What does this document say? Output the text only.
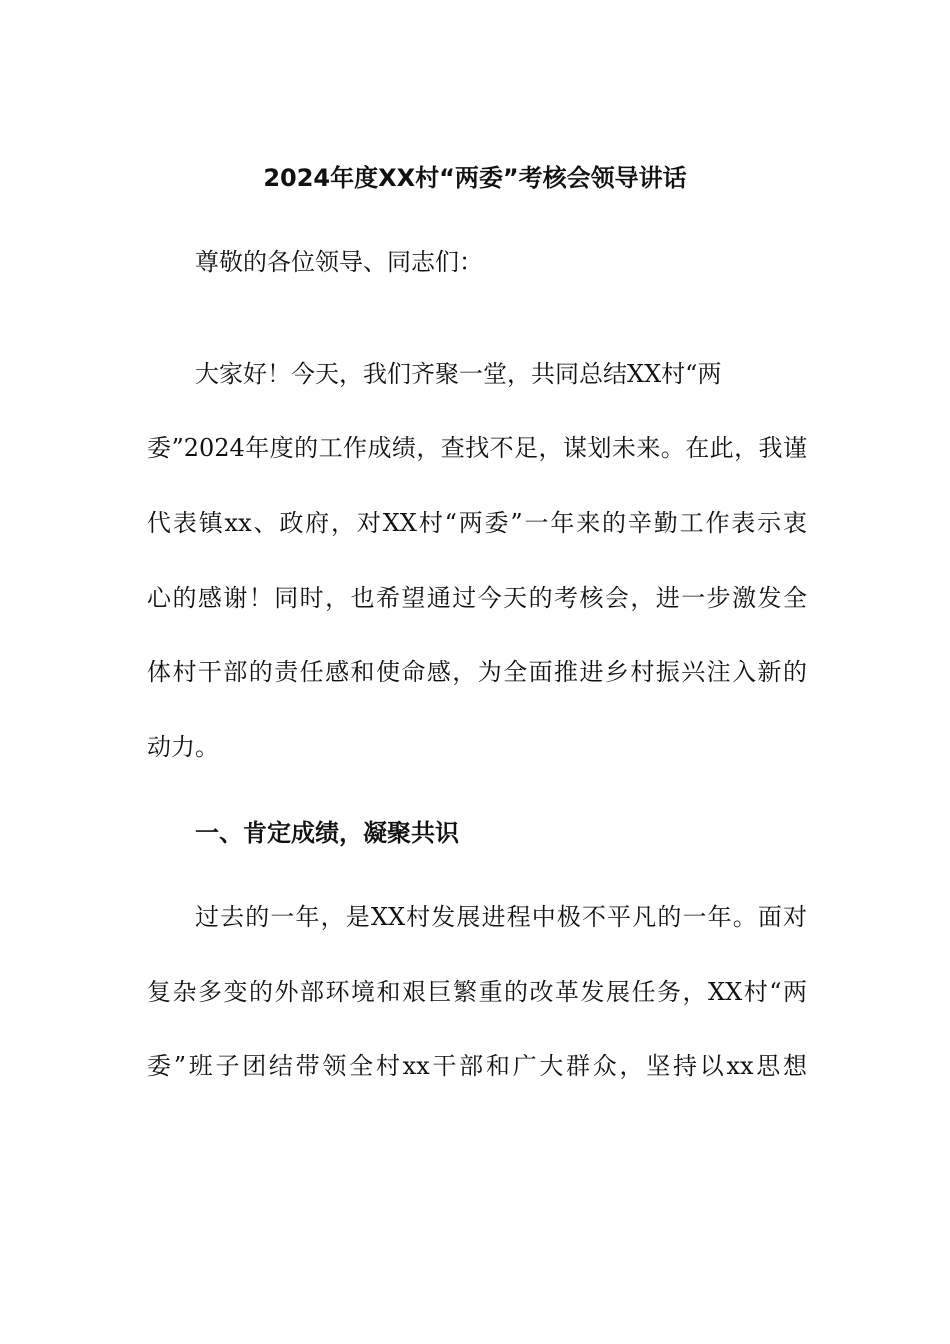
2024年度XX村“两委”考核会领导讲话

尊敬的各位领导、同志们：

大家好！今天，我们齐聚一堂，共同总结XX村“两

委”2024年度的工作成绩，查找不足，谋划未来。在此，我谨

代表镇xx、政府，对XX村“两委”一年来的辛勤工作表示衷

心的感谢！同时，也希望通过今天的考核会，进一步激发全

体村干部的责任感和使命感，为全面推进乡村振兴注入新的

动力。

一、肯定成绩，凝聚共识

过去的一年，是XX村发展进程中极不平凡的一年。面对

复杂多变的外部环境和艰巨繁重的改革发展任务，XX村“两

委”班子团结带领全村xx干部和广大群众，坚持以xx思想
